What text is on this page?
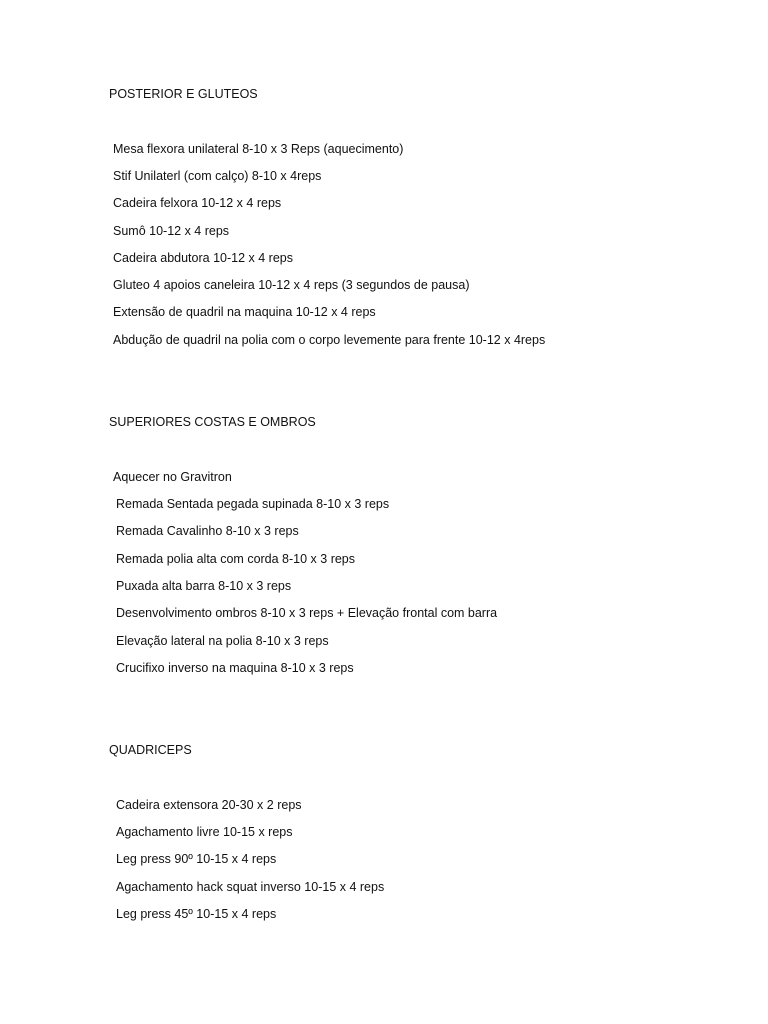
POSTERIOR E GLUTEOS

Mesa flexora unilateral 8-10 x 3 Reps (aquecimento)

Stif Unilaterl (com calço) 8-10 x 4reps

Cadeira felxora 10-12 x 4 reps

Sumô 10-12 x 4 reps

Cadeira abdutora 10-12 x 4 reps

Gluteo 4 apoios caneleira 10-12 x 4 reps (3 segundos de pausa)

Extensão de quadril na maquina 10-12 x 4 reps

Abdução de quadril na polia com o corpo levemente para frente 10-12 x 4reps

SUPERIORES COSTAS E OMBROS

Aquecer no Gravitron

Remada Sentada pegada supinada 8-10 x 3 reps

Remada Cavalinho 8-10 x 3 reps

Remada polia alta com corda 8-10 x 3 reps

Puxada alta barra 8-10 x 3 reps

Desenvolvimento ombros 8-10 x 3 reps + Elevação frontal com barra

Elevação lateral na polia 8-10 x 3 reps

Crucifixo inverso na maquina 8-10 x 3 reps

QUADRICEPS

Cadeira extensora 20-30 x 2 reps

Agachamento livre 10-15 x reps

Leg press 90º 10-15 x 4 reps

Agachamento hack squat inverso 10-15 x 4 reps

Leg press 45º 10-15 x 4 reps
